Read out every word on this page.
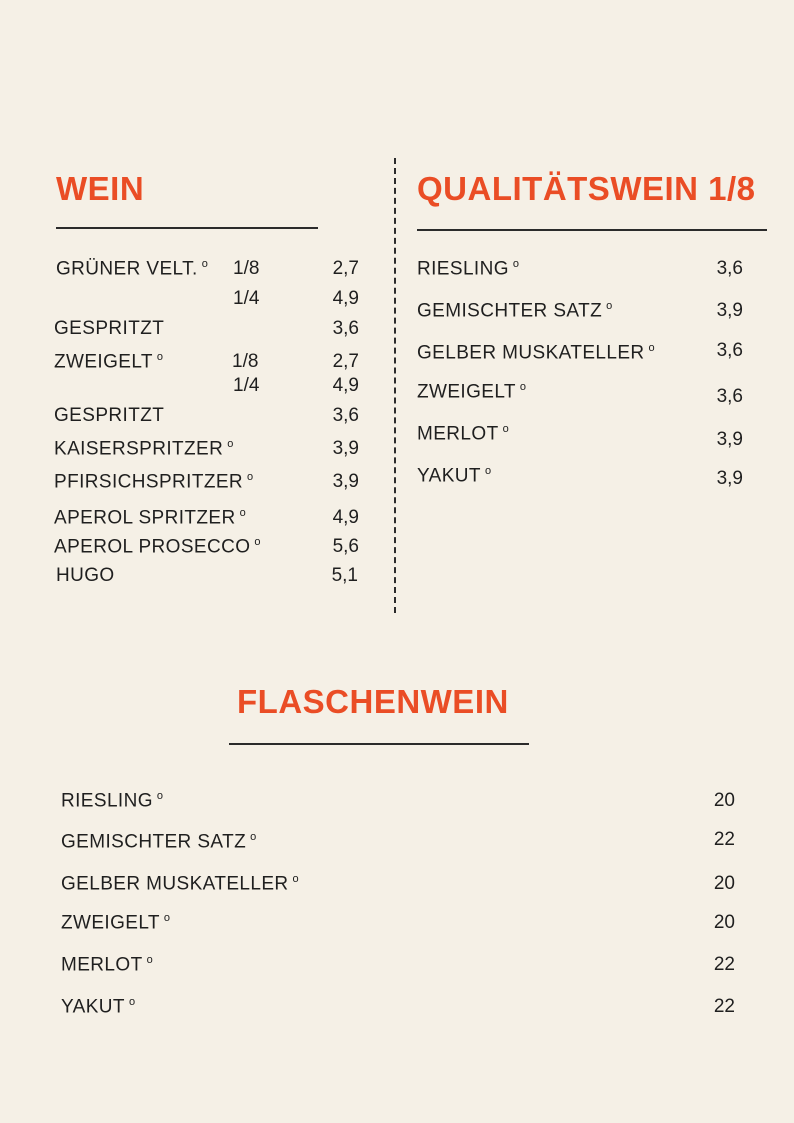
WEIN
GRÜNER VELT. $^o$ 1/8	2,7
1/4	4,9
GESPRITZT	3,6
ZWEIGELT $^o$	1/8	2,7
1/4	4,9
GESPRITZT	3,6
KAISERSPRITZER $^o$	3,9
PFIRSICHSPRITZER $^o$	3,9
APEROL SPRITZER $^o$	4,9
APEROL PROSECCO $^o$	5,6
HUGO	5,1
QUALITÄTSWEIN 1/8
RIESLING $^o$	3,6
GEMISCHTER SATZ $^o$	3,9
GELBER MUSKATELLER $^o$	3,6
ZWEIGELT $^o$	3,6
MERLOT $^o$	3,9
YAKUT $^o$	3,9
FLASCHENWEIN
RIESLING $^o$	20
GEMISCHTER SATZ $^o$	22
GELBER MUSKATELLER $^o$	20
ZWEIGELT $^o$	20
MERLOT $^o$	22
YAKUT $^o$	22
